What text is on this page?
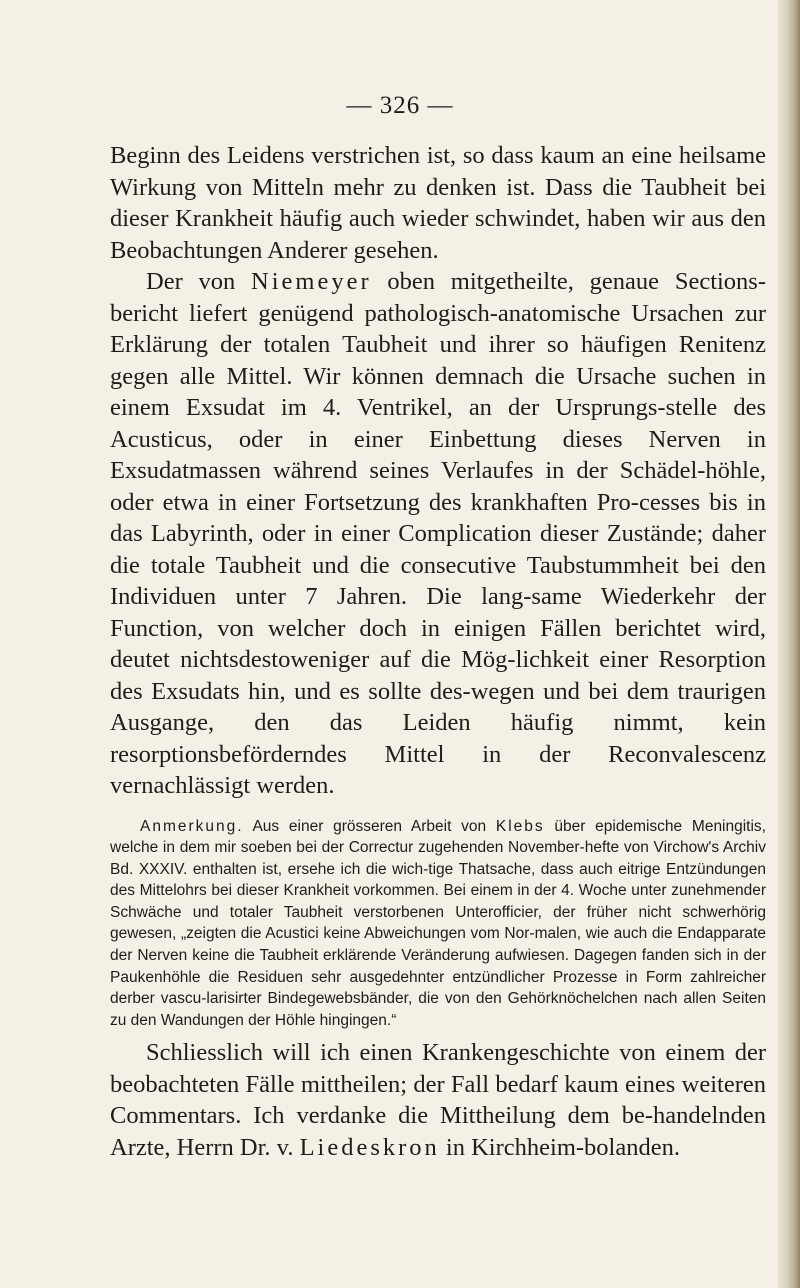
— 326 —

Beginn des Leidens verstrichen ist, so dass kaum an eine heilsame Wirkung von Mitteln mehr zu denken ist. Dass die Taubheit bei dieser Krankheit häufig auch wieder schwindet, haben wir aus den Beobachtungen Anderer gesehen.

Der von Niemeyer oben mitgetheilte, genaue Sections-bericht liefert genügend pathologisch-anatomische Ursachen zur Erklärung der totalen Taubheit und ihrer so häufigen Renitenz gegen alle Mittel. Wir können demnach die Ursache suchen in einem Exsudat im 4. Ventrikel, an der Ursprungs-stelle des Acusticus, oder in einer Einbettung dieses Nerven in Exsudatmassen während seines Verlaufes in der Schädel-höhle, oder etwa in einer Fortsetzung des krankhaften Pro-cesses bis in das Labyrinth, oder in einer Complication dieser Zustände; daher die totale Taubheit und die consecutive Taubstummheit bei den Individuen unter 7 Jahren. Die lang-same Wiederkehr der Function, von welcher doch in einigen Fällen berichtet wird, deutet nichtsdestoweniger auf die Mög-lichkeit einer Resorption des Exsudats hin, und es sollte des-wegen und bei dem traurigen Ausgange, den das Leiden häufig nimmt, kein resorptionsbeförderndes Mittel in der Reconvalescenz vernachlässigt werden.

Anmerkung. Aus einer grösseren Arbeit von Klebs über epidemische Meningitis, welche in dem mir soeben bei der Correctur zugehenden November-hefte von Virchow's Archiv Bd. XXXIV. enthalten ist, ersehe ich die wich-tige Thatsache, dass auch eitrige Entzündungen des Mittelohrs bei dieser Krankheit vorkommen. Bei einem in der 4. Woche unter zunehmender Schwäche und totaler Taubheit verstorbenen Unterofficier, der früher nicht schwerhörig gewesen, „zeigten die Acustici keine Abweichungen vom Nor-malen, wie auch die Endapparate der Nerven keine die Taubheit erklärende Veränderung aufwiesen. Dagegen fanden sich in der Paukenhöhle die Residuen sehr ausgedehnter entzündlicher Prozesse in Form zahlreicher derber vascu-larisirter Bindegewebsbänder, die von den Gehörknöchelchen nach allen Seiten zu den Wandungen der Höhle hingingen.“

Schliesslich will ich einen Krankengeschichte von einem der beobachteten Fälle mittheilen; der Fall bedarf kaum eines weiteren Commentars. Ich verdanke die Mittheilung dem be-handelnden Arzte, Herrn Dr. v. Liedeskron in Kirchheim-bolanden.
